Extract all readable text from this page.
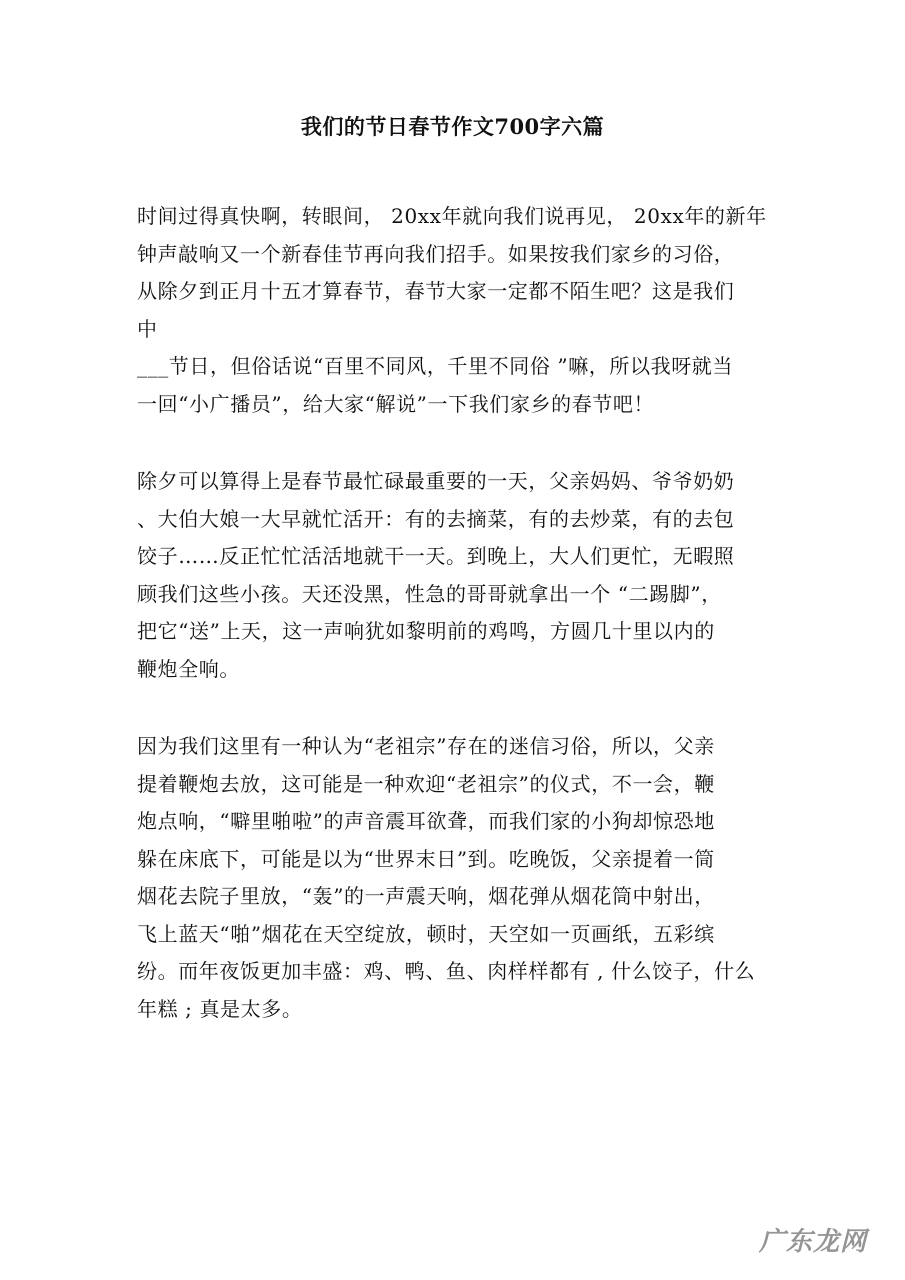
我们的节日春节作文700字六篇
时间过得真快啊，转眼间， 20xx年就向我们说再见， 20xx年的新年
钟声敲响又一个新春佳节再向我们招手。如果按我们家乡的习俗，
从除夕到正月十五才算春节，春节大家一定都不陌生吧？这是我们
中
___节日，但俗话说“百里不同风，千里不同俗 ”嘛，所以我呀就当
一回“小广播员”，给大家“解说”一下我们家乡的春节吧！
除夕可以算得上是春节最忙碌最重要的一天，父亲妈妈、爷爷奶奶
、大伯大娘一大早就忙活开：有的去摘菜，有的去炒菜，有的去包
饺子……反正忙忙活活地就干一天。到晚上，大人们更忙，无暇照
顾我们这些小孩。天还没黑，性急的哥哥就拿出一个 “二踢脚”，
把它“送”上天，这一声响犹如黎明前的鸡鸣，方圆几十里以内的
鞭炮全响。
因为我们这里有一种认为“老祖宗”存在的迷信习俗，所以，父亲
提着鞭炮去放，这可能是一种欢迎“老祖宗”的仪式，不一会，鞭
炮点响，“噼里啪啦”的声音震耳欲聋，而我们家的小狗却惊恐地
躲在床底下，可能是以为“世界末日”到。吃晚饭，父亲提着一筒
烟花去院子里放，“轰”的一声震天响，烟花弹从烟花筒中射出，
飞上蓝天“啪”烟花在天空绽放，顿时，天空如一页画纸，五彩缤
纷。而年夜饭更加丰盛：鸡、鸭、鱼、肉样样都有 , 什么饺子，什么
年糕 ; 真是太多。
广东龙网
